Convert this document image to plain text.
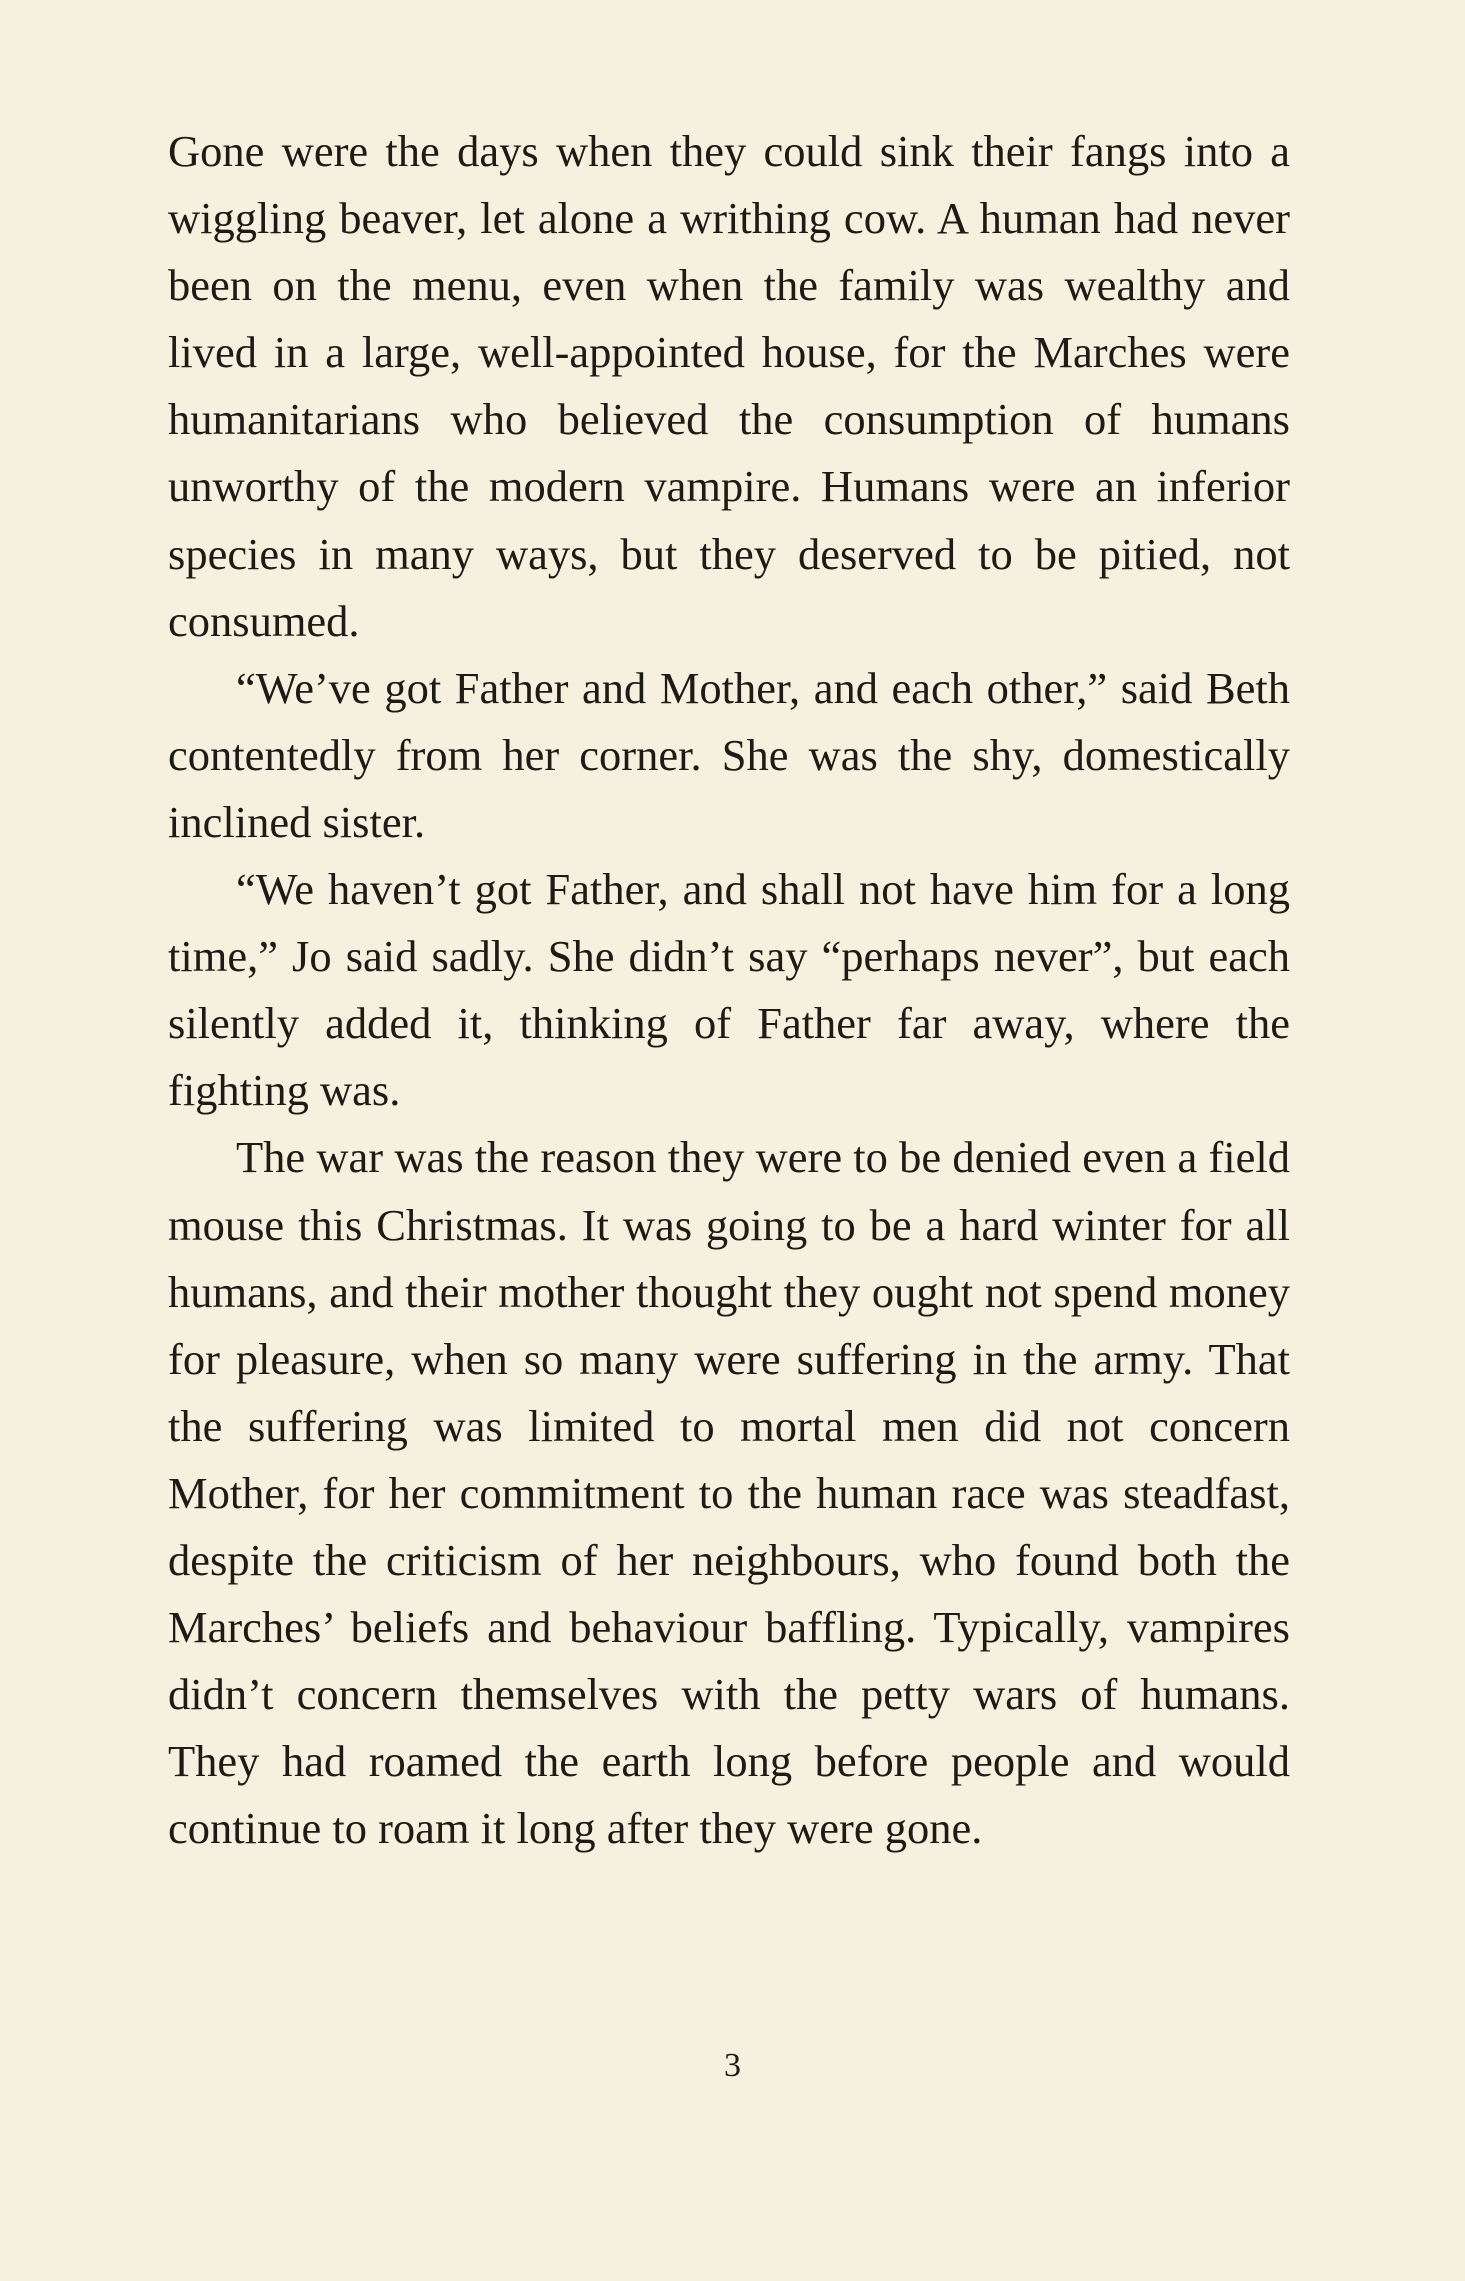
Gone were the days when they could sink their fangs into a wiggling beaver, let alone a writhing cow. A human had never been on the menu, even when the family was wealthy and lived in a large, well-appointed house, for the Marches were humanitarians who believed the consumption of humans unworthy of the modern vampire. Humans were an inferior species in many ways, but they deserved to be pitied, not consumed.

“We’ve got Father and Mother, and each other,” said Beth contentedly from her corner. She was the shy, domestically inclined sister.

“We haven’t got Father, and shall not have him for a long time,” Jo said sadly. She didn’t say “perhaps never”, but each silently added it, thinking of Father far away, where the fighting was.

The war was the reason they were to be denied even a field mouse this Christmas. It was going to be a hard winter for all humans, and their mother thought they ought not spend money for pleasure, when so many were suffering in the army. That the suffering was limited to mortal men did not concern Mother, for her commitment to the human race was steadfast, despite the criticism of her neighbours, who found both the Marches’ beliefs and behaviour baffling. Typically, vampires didn’t concern themselves with the petty wars of humans. They had roamed the earth long before people and would continue to roam it long after they were gone.

3
